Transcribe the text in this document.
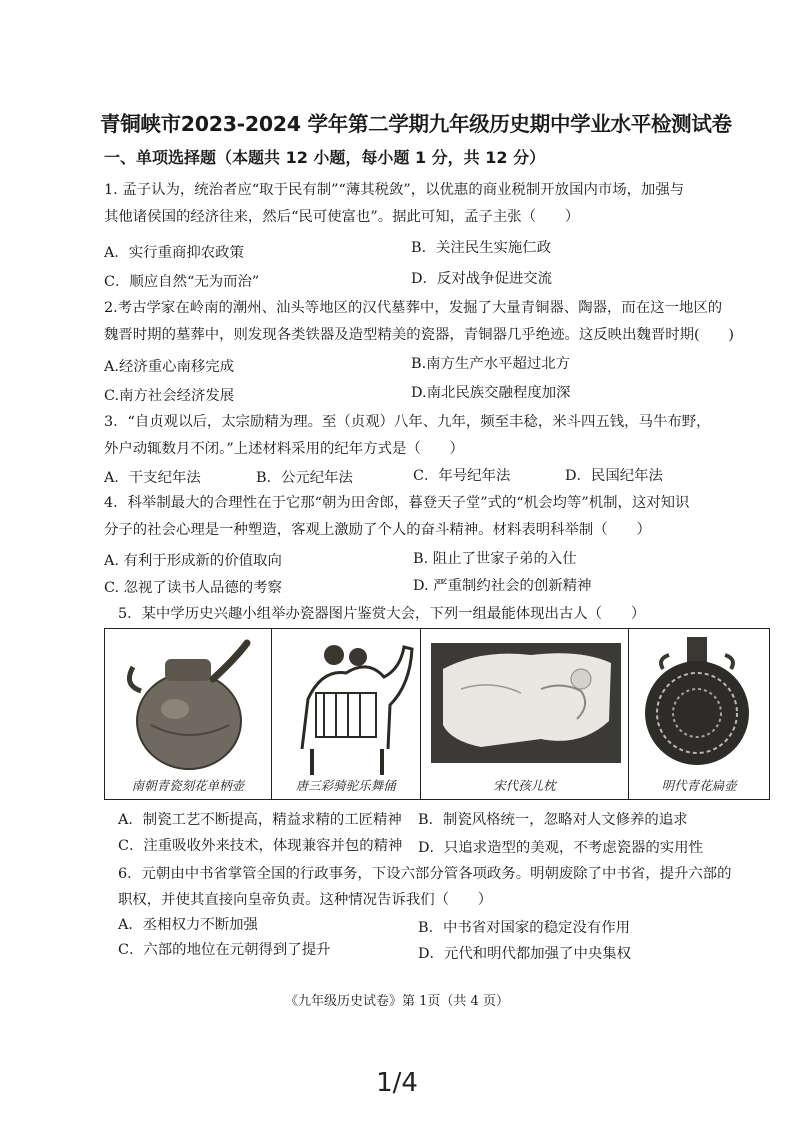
青铜峡市2023-2024 学年第二学期九年级历史期中学业水平检测试卷
一、单项选择题（本题共 12 小题，每小题 1 分，共 12 分）
1. 孟子认为，统治者应“取于民有制”“薄其税敛”，以优惠的商业税制开放国内市场，加强与
其他诸侯国的经济往来，然后“民可使富也”。据此可知，孟子主张（　　）
A．实行重商抑农政策	B．关注民生实施仁政
C．顺应自然“无为而治”	D．反对战争促进交流
2.考古学家在岭南的潮州、汕头等地区的汉代墓葬中，发掘了大量青铜器、陶器，而在这一地区的
魏晋时期的墓葬中，则发现各类铁器及造型精美的瓷器，青铜器几乎绝迹。这反映出魏晋时期(　　)
A.经济重心南移完成	B.南方生产水平超过北方
C.南方社会经济发展	D.南北民族交融程度加深
3．“自贞观以后，太宗励精为理。至（贞观）八年、九年，频至丰稔，米斗四五钱，马牛布野，
外户动辄数月不闭。”上述材料采用的纪年方式是（　　）
A．干支纪年法	B．公元纪年法	C．年号纪年法	D．民国纪年法
4．科举制最大的合理性在于它那“朝为田舍郎，暮登天子堂”式的“机会均等”机制，这对知识
分子的社会心理是一种塑造，客观上激励了个人的奋斗精神。材料表明科举制（　　）
A. 有利于形成新的价值取向	B. 阻止了世家子弟的入仕
C. 忽视了读书人品德的考察	D. 严重制约社会的创新精神
5．某中学历史兴趣小组举办瓷器图片鉴赏大会，下列一组最能体现出古人（　　）
南朝青瓷刻花单柄壶	唐三彩骑驼乐舞俑	宋代孩儿枕	明代青花扁壶
A．制瓷工艺不断提高，精益求精的工匠精神 B．制瓷风格统一，忽略对人文修养的追求
C．注重吸收外来技术，体现兼容并包的精神 D．只追求造型的美观，不考虑瓷器的实用性
6．元朝由中书省掌管全国的行政事务，下设六部分管各项政务。明朝废除了中书省，提升六部的
职权，并使其直接向皇帝负责。这种情况告诉我们（　　）
A．丞相权力不断加强	B．中书省对国家的稳定没有作用
C．六部的地位在元朝得到了提升	D．元代和明代都加强了中央集权
《九年级历史试卷》第 1页（共 4 页）
1/4
